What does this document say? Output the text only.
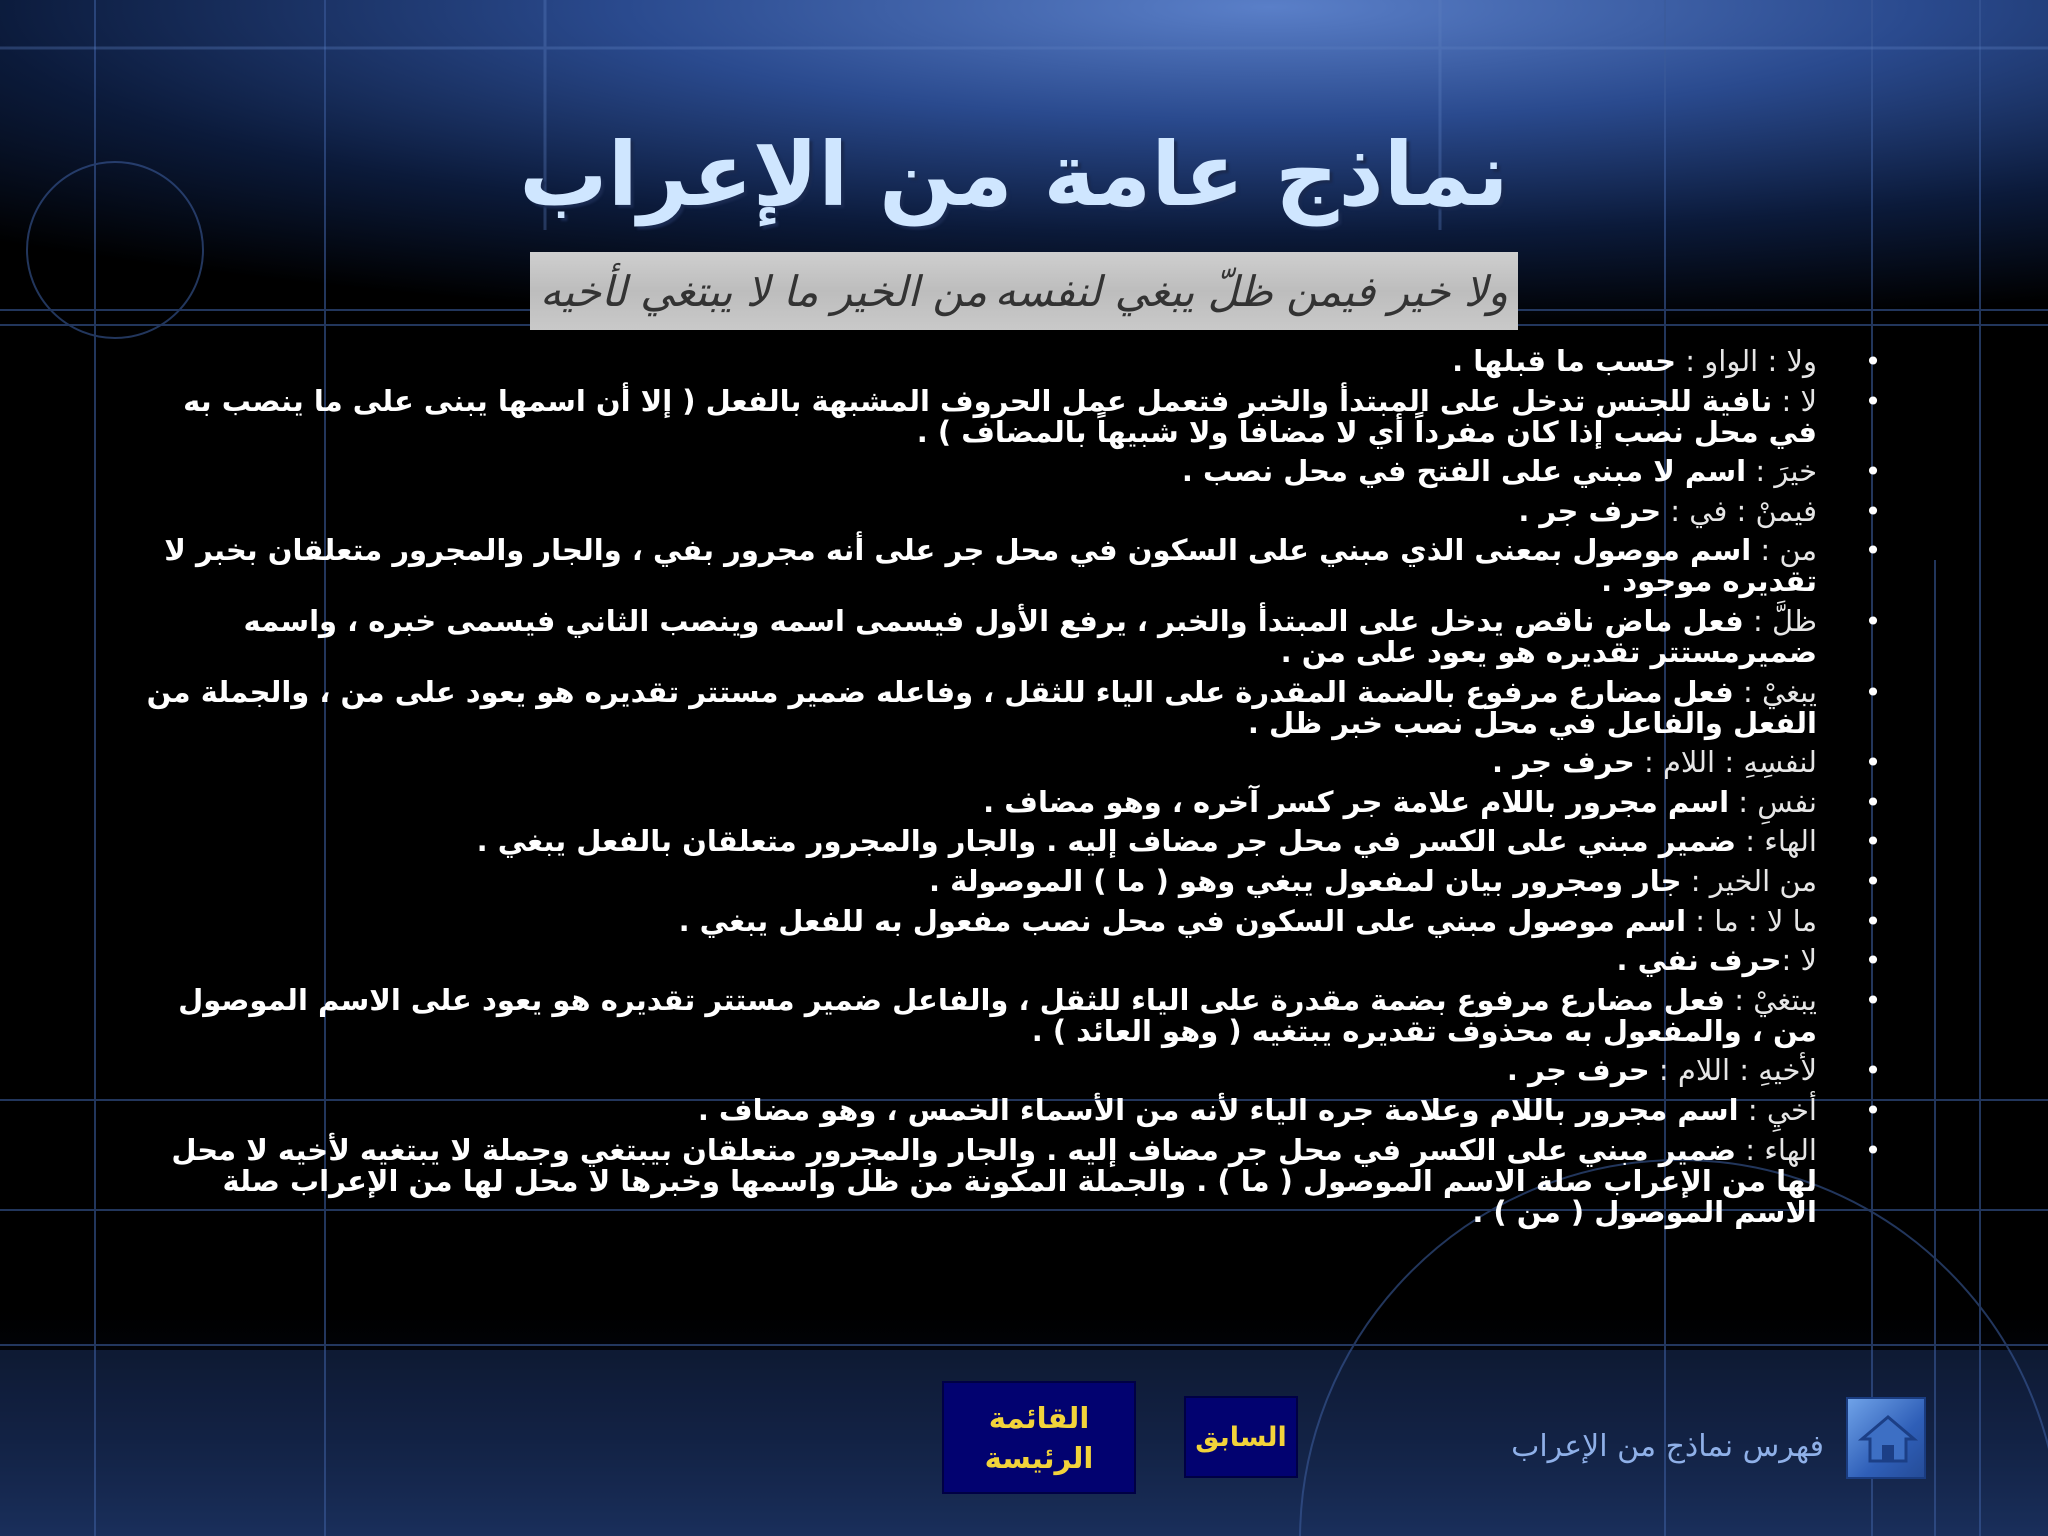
نماذج عامة من الإعراب
ولا خير فيمن ظلّ يبغي لنفسه
من الخير ما لا يبتغي لأخيه
•
ولا : الواو : حسب ما قبلها .
•
لا : نافية للجنس تدخل على المبتدأ والخبر فتعمل عمل الحروف المشبهة بالفعل ( إلا أن اسمها يبنى على ما ينصب به في محل نصب إذا كان مفرداً أي لا مضافاً ولا شبيهاً بالمضاف ) .
•
خيرَ : اسم لا مبني على الفتح في محل نصب .
•
فيمنْ : في : حرف جر .
•
من : اسم موصول بمعنى الذي مبني على السكون في محل جر على أنه مجرور بفي ، والجار والمجرور متعلقان بخبر لا تقديره موجود .
•
ظلَّ : فعل ماض ناقص يدخل على المبتدأ والخبر ، يرفع الأول فيسمى اسمه وينصب الثاني فيسمى خبره ، واسمه ضميرمستتر تقديره هو يعود على من .
•
يبغيْ : فعل مضارع مرفوع بالضمة المقدرة على الياء للثقل ، وفاعله ضمير مستتر تقديره هو يعود على من ، والجملة من الفعل والفاعل في محل نصب خبر ظل .
•
لنفسِهِ : اللام : حرف جر .
•
نفسِ : اسم مجرور باللام علامة جر كسر آخره ، وهو مضاف .
•
الهاء : ضمير مبني على الكسر في محل جر مضاف إليه . والجار والمجرور متعلقان بالفعل يبغي .
•
من الخير : جار ومجرور بيان لمفعول يبغي وهو ( ما ) الموصولة .
•
ما لا : ما : اسم موصول مبني على السكون في محل نصب مفعول به للفعل يبغي .
•
لا :حرف نفي .
•
يبتغيْ : فعل مضارع مرفوع بضمة مقدرة على الياء للثقل ، والفاعل ضمير مستتر تقديره هو يعود على الاسم الموصول من ، والمفعول به محذوف تقديره يبتغيه ( وهو العائد ) .
•
لأخيهِ : اللام : حرف جر .
•
أخيِ : اسم مجرور باللام وعلامة جره الياء لأنه من الأسماء الخمس ، وهو مضاف .
•
الهاء : ضمير مبني على الكسر في محل جر مضاف إليه . والجار والمجرور متعلقان بيبتغي وجملة لا يبتغيه لأخيه لا محل لها من الإعراب صلة الاسم الموصول ( ما ) . والجملة المكونة من ظل واسمها وخبرها لا محل لها من الإعراب صلة الاسم الموصول ( من ) .
القائمة
الرئيسة
السابق	فهرس نماذج من الإعراب
